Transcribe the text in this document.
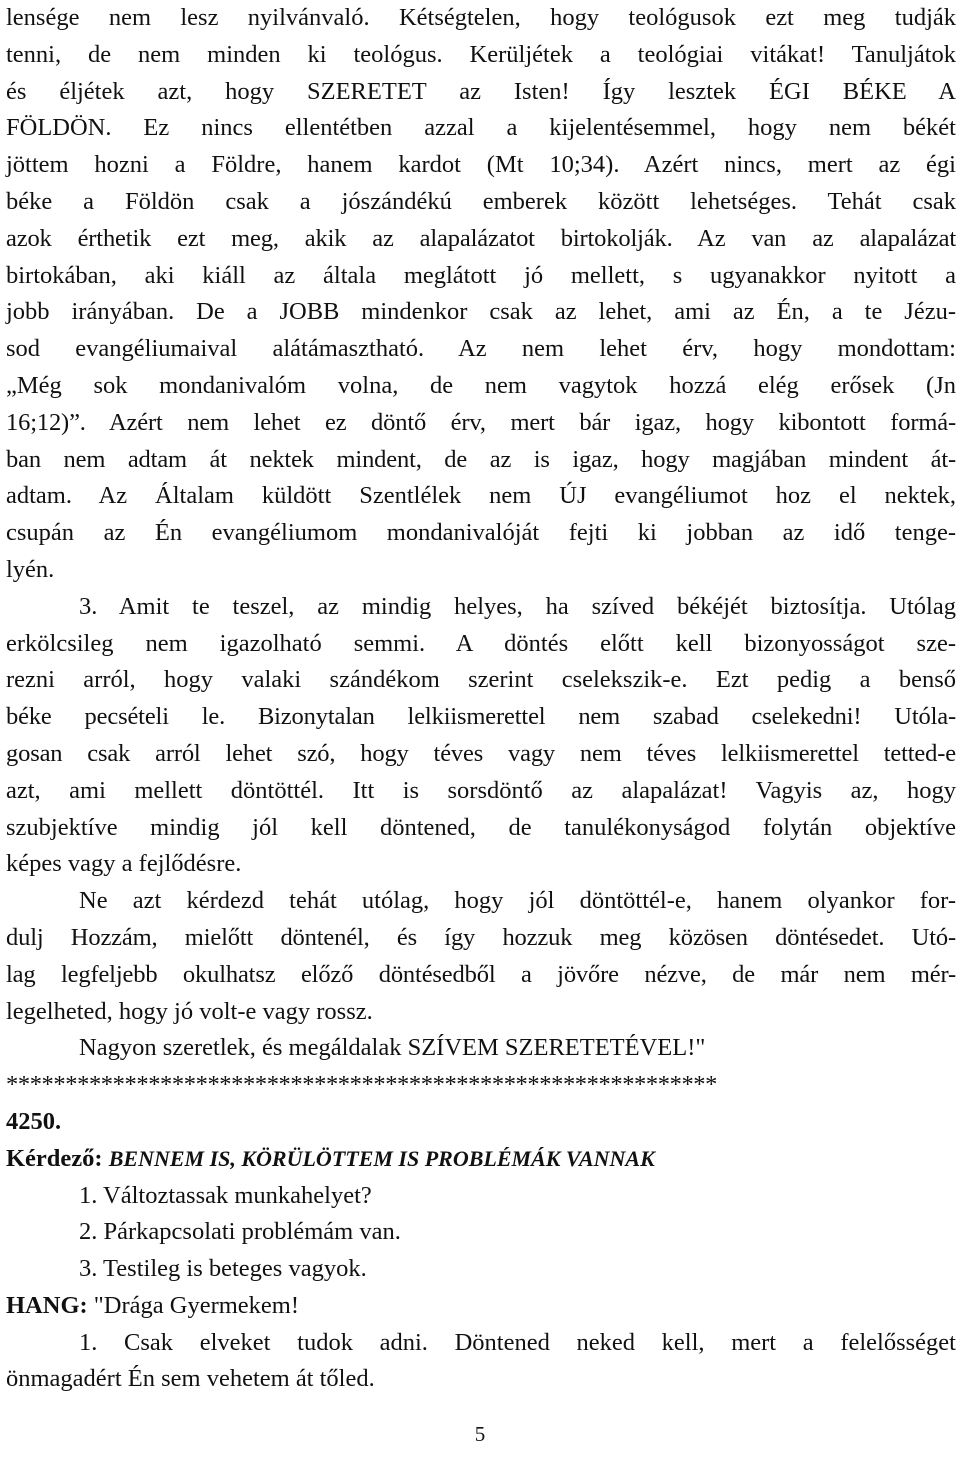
lensége nem lesz nyilvánvaló. Kétségtelen, hogy teológusok ezt meg tudják
tenni, de nem minden ki teológus. Kerüljétek a teológiai vitákat! Tanuljátok
és éljétek azt, hogy SZERETET az Isten! Így lesztek ÉGI BÉKE A
FÖLDÖN. Ez nincs ellentétben azzal a kijelentésemmel, hogy nem békét
jöttem hozni a Földre, hanem kardot (Mt 10;34). Azért nincs, mert az égi
béke a Földön csak a jószándékú emberek között lehetséges. Tehát csak
azok érthetik ezt meg, akik az alapalázatot birtokolják. Az van az alapalázat
birtokában, aki kiáll az általa meglátott jó mellett, s ugyanakkor nyitott a
jobb irányában. De a JOBB mindenkor csak az lehet, ami az Én, a te Jézu-
sod evangéliumaival alátámasztható. Az nem lehet érv, hogy mondottam:
„Még sok mondanivalóm volna, de nem vagytok hozzá elég erősek (Jn
16;12)”. Azért nem lehet ez döntő érv, mert bár igaz, hogy kibontott formá-
ban nem adtam át nektek mindent, de az is igaz, hogy magjában mindent át-
adtam. Az Általam küldött Szentlélek nem ÚJ evangéliumot hoz el nektek,
csupán az Én evangéliumom mondanivalóját fejti ki jobban az idő tenge-
lyén.
3. Amit te teszel, az mindig helyes, ha szíved békéjét biztosítja. Utólag
erkölcsileg nem igazolható semmi. A döntés előtt kell bizonyosságot sze-
rezni arról, hogy valaki szándékom szerint cselekszik-e. Ezt pedig a benső
béke pecsételi le. Bizonytalan lelkiismerettel nem szabad cselekedni! Utóla-
gosan csak arról lehet szó, hogy téves vagy nem téves lelkiismerettel tetted-e
azt, ami mellett döntöttél. Itt is sorsdöntő az alapalázat! Vagyis az, hogy
szubjektíve mindig jól kell döntened, de tanulékonyságod folytán objektíve
képes vagy a fejlődésre.
Ne azt kérdezd tehát utólag, hogy jól döntöttél-e, hanem olyankor for-
dulj Hozzám, mielőtt döntenél, és így hozzuk meg közösen döntésedet. Utó-
lag legfeljebb okulhatsz előző döntésedből a jövőre nézve, de már nem mér-
legelheted, hogy jó volt-e vagy rossz.
Nagyon szeretlek, és megáldalak SZÍVEM SZERETETÉVEL!"
************************************************************
4250.
Kérdező: BENNEM IS, KÖRÜLÖTTEM IS PROBLÉMÁK VANNAK
1. Változtassak munkahelyet?
2. Párkapcsolati problémám van.
3. Testileg is beteges vagyok.
HANG: "Drága Gyermekem!
1. Csak elveket tudok adni. Döntened neked kell, mert a felelősséget
önmagadért Én sem vehetem át tőled.
5
